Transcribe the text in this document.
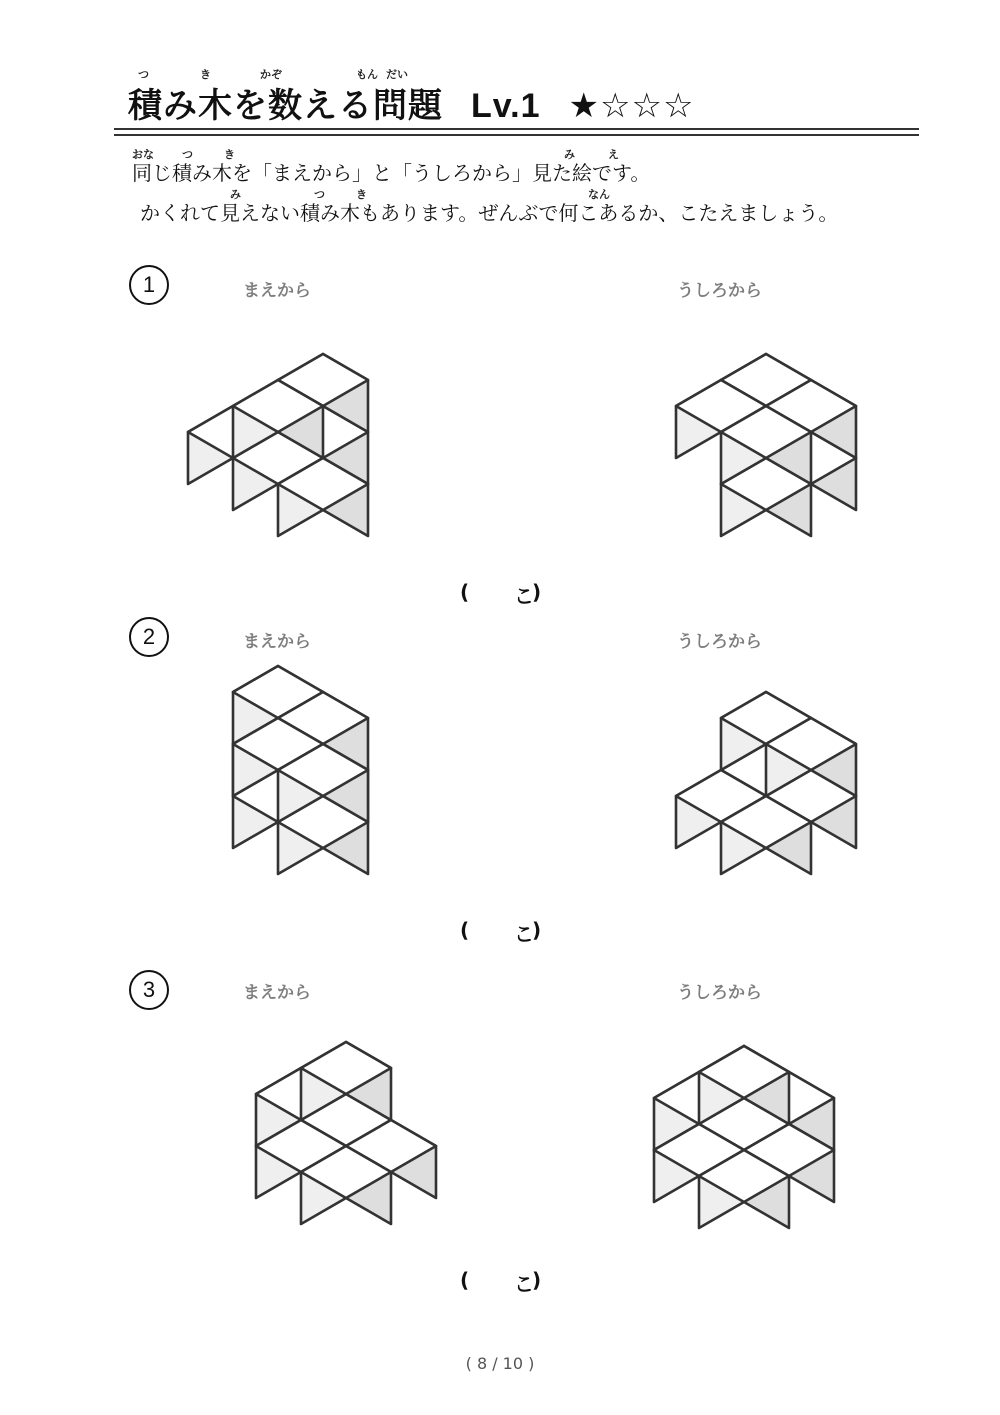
つ	き	かぞ	もん だい
積み木を数える問題 Lv.1 ★☆☆☆
おな	つ	き	み	え
同じ積み木を「まえから」と「うしろから」見た絵です。
み	つ	き	なん
かくれて見えない積み木もあります。ぜんぶで何こあるか、こたえましょう。
1	まえから	うしろから
( こ
)
2	まえから	うしろから
( こ
)
3	まえから	うしろから
( こ
)
( 8 / 10 )
